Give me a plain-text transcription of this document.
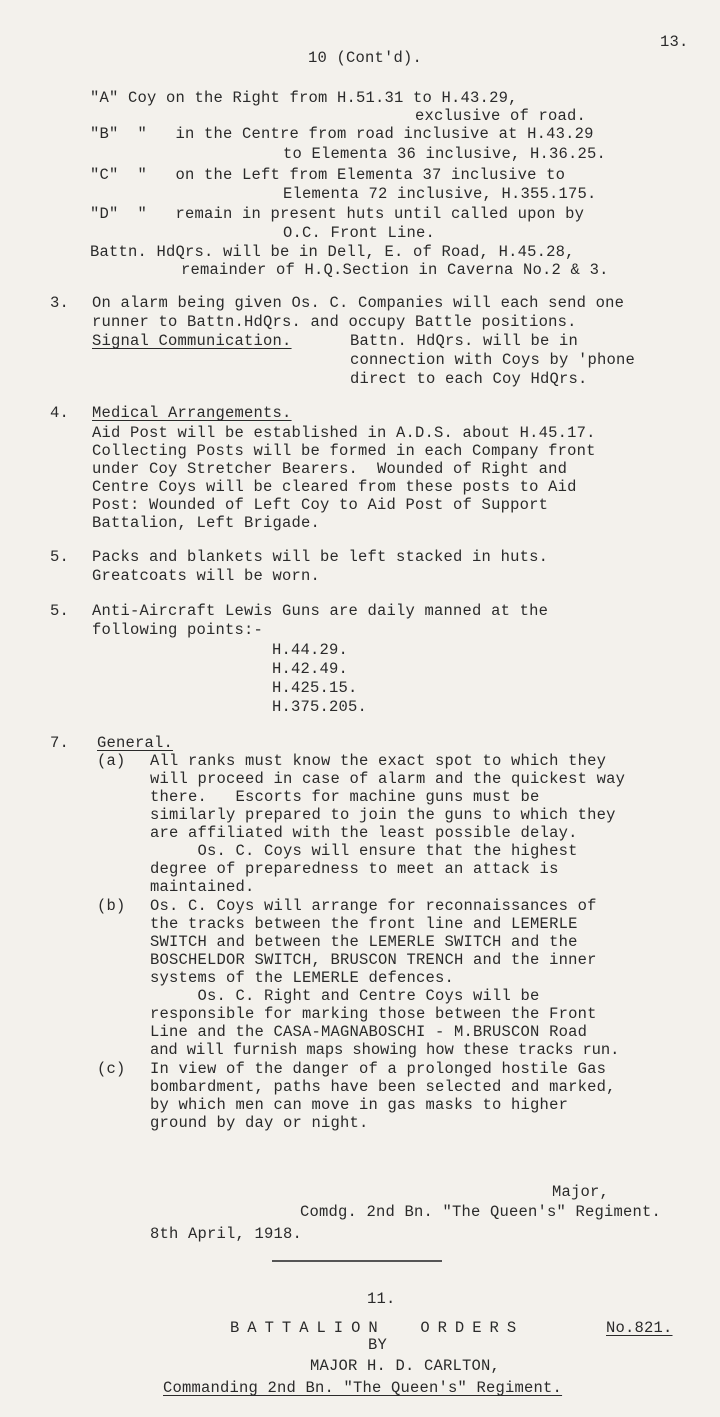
13.
10 (Cont'd).
"A" Coy on the Right from H.51.31 to H.43.29,
exclusive of road.
"B"  "   in the Centre from road inclusive at H.43.29
to Elementa 36 inclusive, H.36.25.
"C"  "   on the Left from Elementa 37 inclusive to
Elementa 72 inclusive, H.355.175.
"D"  "   remain in present huts until called upon by
O.C. Front Line.
Battn. HdQrs. will be in Dell, E. of Road, H.45.28,
remainder of H.Q.Section in Caverna No.2 & 3.
3. On alarm being given Os. C. Companies will each send one
runner to Battn.HdQrs. and occupy Battle positions.
Signal Communication.	Battn. HdQrs. will be in
connection with Coys by 'phone
direct to each Coy HdQrs.
4. Medical Arrangements.
Aid Post will be established in A.D.S. about H.45.17.
Collecting Posts will be formed in each Company front
under Coy Stretcher Bearers.  Wounded of Right and
Centre Coys will be cleared from these posts to Aid
Post: Wounded of Left Coy to Aid Post of Support
Battalion, Left Brigade.
5. Packs and blankets will be left stacked in huts.
Greatcoats will be worn.
5. Anti-Aircraft Lewis Guns are daily manned at the
following points:-
H.44.29.
H.42.49.
H.425.15.
H.375.205.
7. General.
(a) All ranks must know the exact spot to which they
will proceed in case of alarm and the quickest way
there.   Escorts for machine guns must be
similarly prepared to join the guns to which they
are affiliated with the least possible delay.
Os. C. Coys will ensure that the highest
degree of preparedness to meet an attack is
maintained.
(b) Os. C. Coys will arrange for reconnaissances of
the tracks between the front line and LEMERLE
SWITCH and between the LEMERLE SWITCH and the
BOSCHELDOR SWITCH, BRUSCON TRENCH and the inner
systems of the LEMERLE defences.
Os. C. Right and Centre Coys will be
responsible for marking those between the Front
Line and the CASA-MAGNABOSCHI - M.BRUSCON Road
and will furnish maps showing how these tracks run.
(c) In view of the danger of a prolonged hostile Gas
bombardment, paths have been selected and marked,
by which men can move in gas masks to higher
ground by day or night.
Major,
Comdg. 2nd Bn. "The Queen's" Regiment.
8th April, 1918.
11.
BATTALION  ORDERS	No.821.
BY
MAJOR H. D. CARLTON,
Commanding 2nd Bn. "The Queen's" Regiment.
